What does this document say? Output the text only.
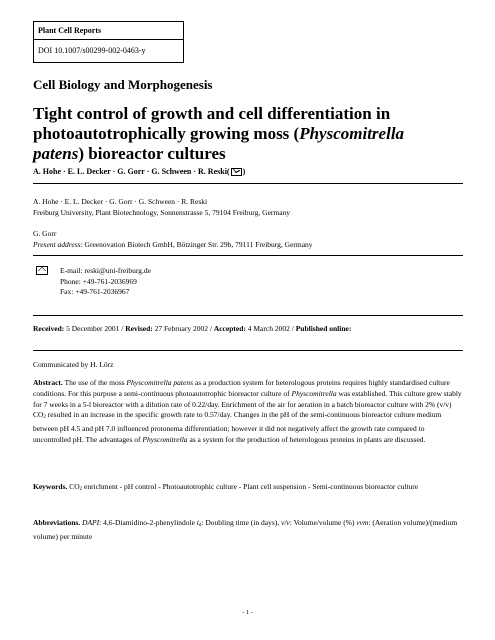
Plant Cell Reports
DOI 10.1007/s00299-002-0463-y
Cell Biology and Morphogenesis
Tight control of growth and cell differentiation in
photoautotrophically growing moss (Physcomitrella
patens) bioreactor cultures
A. Hohe · E. L. Decker · G. Gorr · G. Schween · R. Reski( )
A. Hohe · E. L. Decker · G. Gorr · G. Schween · R. Reski
Freiburg University, Plant Biotechnology, Sonnenstrasse 5, 79104 Freiburg, Germany
G. Gorr
Present address: Greenovation Biotech GmbH, Bötzinger Str. 29b, 79111 Freiburg, Germany
E-mail: reski@uni-freiburg.de
Phone: +49-761-2036969
Fax: +49-761-2036967
Received: 5 December 2001 / Revised: 27 February 2002 / Accepted: 4 March 2002 / Published online:
Communicated by H. Lörz
Abstract. The use of the moss Physcomitrella patens as a production system for heterologous proteins requires highly standardised culture conditions. For this purpose a semi-continuous photoautotrophic bioreactor culture of Physcomitrella was established. This culture grew stably for 7 weeks in a 5-l bioreactor with a dilution rate of 0.22/day. Enrichment of the air for aeration in a batch bioreactor culture with 2% (v/v) $CO_2$ resulted in an increase in the specific growth rate to 0.57/day. Changes in the pH of the semi-continuous bioreactor culture medium between pH 4.5 and pH 7.0 influenced protonema differentiation; however it did not negatively affect the growth rate compared to uncontrolled pH. The advantages of Physcomitrella as a system for the production of heterologous proteins in plants are discussed.
Keywords. $CO_2$ enrichment - pH control - Photoautotrophic culture - Plant cell suspension - Semi-continuous bioreactor culture
Abbreviations. DAPI: 4,6-Diamidino-2-phenylindole $t_d$: Doubling time (in days), v/v: Volume/volume (%) vvm: (Aeration volume)/(medium volume) per minute
- 1 -
